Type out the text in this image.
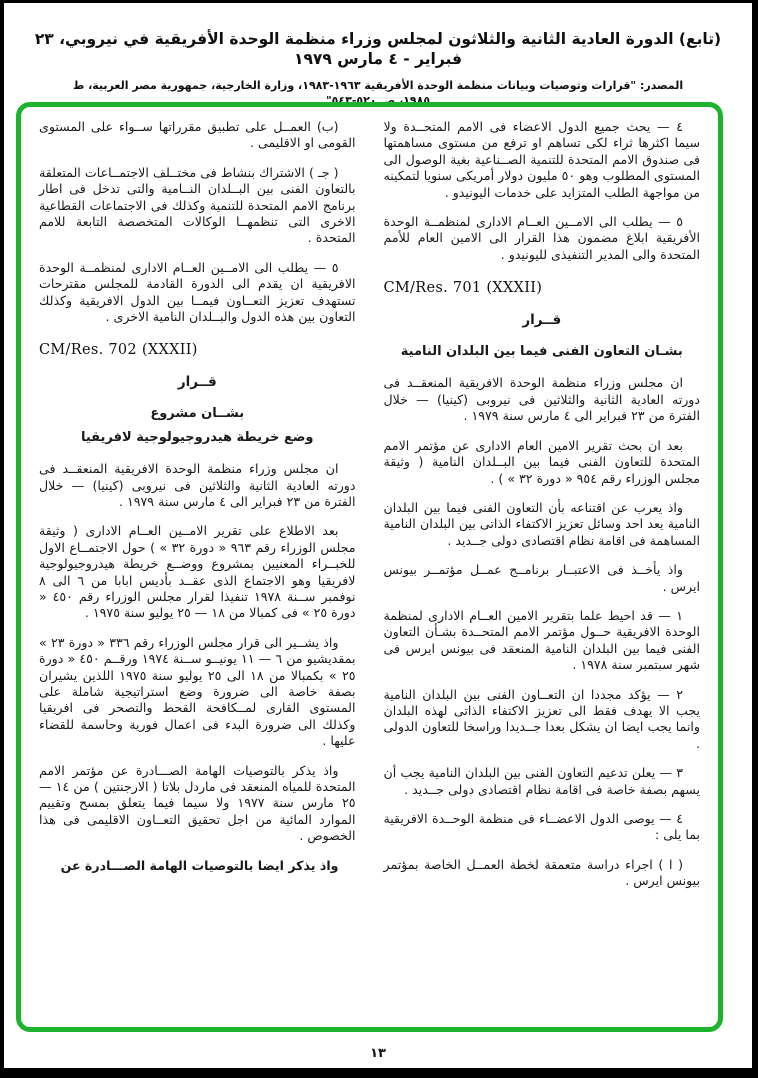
(تابع) الدورة العادية الثانية والثلاثون لمجلس وزراء منظمة الوحدة الأفريقية في نيروبي، ٢٣ فبراير - ٤ مارس ١٩٧٩
المصدر: "قرارات وتوصيات وبيانات منظمة الوحدة الأفريقية ١٩٦٣-١٩٨٣، وزارة الخارجية، جمهورية مصر العربية، ط ١٩٨٥، ص ٥٢٠-٥٤٣"

٤ — يحث جميع الدول الاعضاء فى الامم المتحــدة ولا سيما اكثرها ثراء لكى تساهم او ترفع من مستوى مساهمتها فى صندوق الامم المتحدة للتنمية الصــناعية بغية الوصول الى المستوى المطلوب وهو ٥٠ مليون دولار أمريكى سنويا لتمكينه من مواجهة الطلب المتزايد على خدمات اليونيدو .

٥ — يطلب الى الامــين العــام الادارى لمنظمــة الوحدة الأفريقية ابلاغ مضمون هذا القرار الى الامين العام للأمم المتحدة والى المدير التنفيذى لليونيدو .

CM/Res. 701 (XXXII)
قــرار
بشـان التعاون الفنى فيما بين البلدان النامية

ان مجلس وزراء منظمة الوحدة الافريقية المنعقــد فى دورته العادية الثانية والثلاثين فى نيروبى (كينيا) — خلال الفترة من ٢٣ فبراير الى ٤ مارس سنة ١٩٧٩ .

بعد ان بحث تقرير الامين العام الادارى عن مؤتمر الامم المتحدة للتعاون الفنى فيما بين البــلدان النامية ( وثيقة مجلس الوزراء رقم ٩٥٤ « دورة ٣٢ » ) .

واذ يعرب عن اقتناعه بأن التعاون الفنى فيما بين البلدان النامية يعد احد وسائل تعزيز الاكتفاء الذاتى بين البلدان النامية المساهمة فى اقامة نظام اقتصادى دولى جــديد .

واذ يأخــذ فى الاعتبــار برنامــج عمــل مؤتمــر بيونس ايرس .

١ — قد احيط علما بتقرير الامين العــام الادارى لمنظمة الوحدة الافريقية حــول مؤتمر الامم المتحــدة بشـأن التعاون الفنى فيما بين البلدان النامية المنعقد فى بيونس ايرس فى شهر سبتمبر سنة ١٩٧٨ .

٢ — يؤكد مجددا ان التعــاون الفنى بين البلدان النامية يجب الا يهدف فقط الى تعزيز الاكتفاء الذاتى لهذه البلدان وانما يجب ايضا ان يشكل بعدا جــديدا وراسخا للتعاون الدولى .

٣ — يعلن تدعيم التعاون الفنى بين البلدان النامية يجب أن يسهم بصفة خاصة فى اقامة نظام اقتصادى دولى جــديد .

٤ — يوصى الدول الاعضــاء فى منظمة الوحــدة الافريقية بما يلى :

( ا ) اجراء دراسة متعمقة لخطة العمــل الخاصة بمؤتمر بيونس ايرس .

(ب) العمــل على تطبيق مقرراتها ســواء على المستوى القومى او الاقليمى .

( جـ ) الاشتراك بنشاط فى مختــلف الاجتمــاعات المتعلقة بالتعاون الفنى بين البــلدان النــامية والتى تدخل فى اطار برنامج الامم المتحدة للتنمية وكذلك فى الاجتماعات القطاعية الاخرى التى تنظمهــا الوكالات المتخصصة التابعة للامم المتحدة .

٥ — يطلب الى الامــين العــام الادارى لمنظمــة الوحدة الافريقية ان يقدم الى الدورة القادمة للمجلس مقترحات تستهدف تعزيز التعــاون فيمــا بين الدول الافريقية وكذلك التعاون بين هذه الدول والبــلدان النامية الاخرى .

CM/Res. 702 (XXXII)
قــرار
بشــان مشروع
وضع خريطة هيدروجيولوجية لافريقيا

ان مجلس وزراء منظمة الوحدة الافريقية المنعقــد فى دورته العادية الثانية والثلاثين فى نيروبى (كينيا) — خلال الفترة من ٢٣ فبراير الى ٤ مارس سنة ١٩٧٩ .

بعد الاطلاع على تقرير الامــين العــام الادارى ( وثيقة مجلس الوزراء رقم ٩٦٣ « دورة ٣٢ » ) حول الاجتمــاع الاول للخبــراء المعنيين بمشروع ووضــع خريطة هيدروجيولوجية لافريقيا وهو الاجتماع الذى عقــد بأديس ابابا من ٦ الى ٨ نوفمبر ســنة ١٩٧٨ تنفيذا لقرار مجلس الوزراء رقم ٤٥٠ « دورة ٢٥ » فى كمبالا من ١٨ — ٢٥ يوليو سنة ١٩٧٥ .

واذ يشــير الى قرار مجلس الوزراء رقم ٣٣٦ « دورة ٢٣ » بمقديشيو من ٦ — ١١ يونيــو ســنة ١٩٧٤ ورقــم ٤٥٠ « دورة ٢٥ » بكمبالا من ١٨ الى ٢٥ يوليو سنة ١٩٧٥ اللذين يشيران بصفة خاصة الى ضرورة وضع استراتيجية شاملة على المستوى القارى لمــكافحة القحط والتصحر فى افريقيا وكذلك الى ضرورة البدء فى اعمال فورية وحاسمة للقضاء عليها .

واذ يذكر بالتوصيات الهامة الصـــادرة عن مؤتمر الامم المتحدة للمياه المنعقد فى ماردل بلاتا ( الارجنتين ) من ١٤ — ٢٥ مارس سنة ١٩٧٧ ولا سيما فيما يتعلق بمسح وتقييم الموارد المائية من اجل تحقيق التعــاون الاقليمى فى هذا الخصوص .

واذ يذكر ايضا بالتوصيات الهامة الصـــادرة عن

١٣
